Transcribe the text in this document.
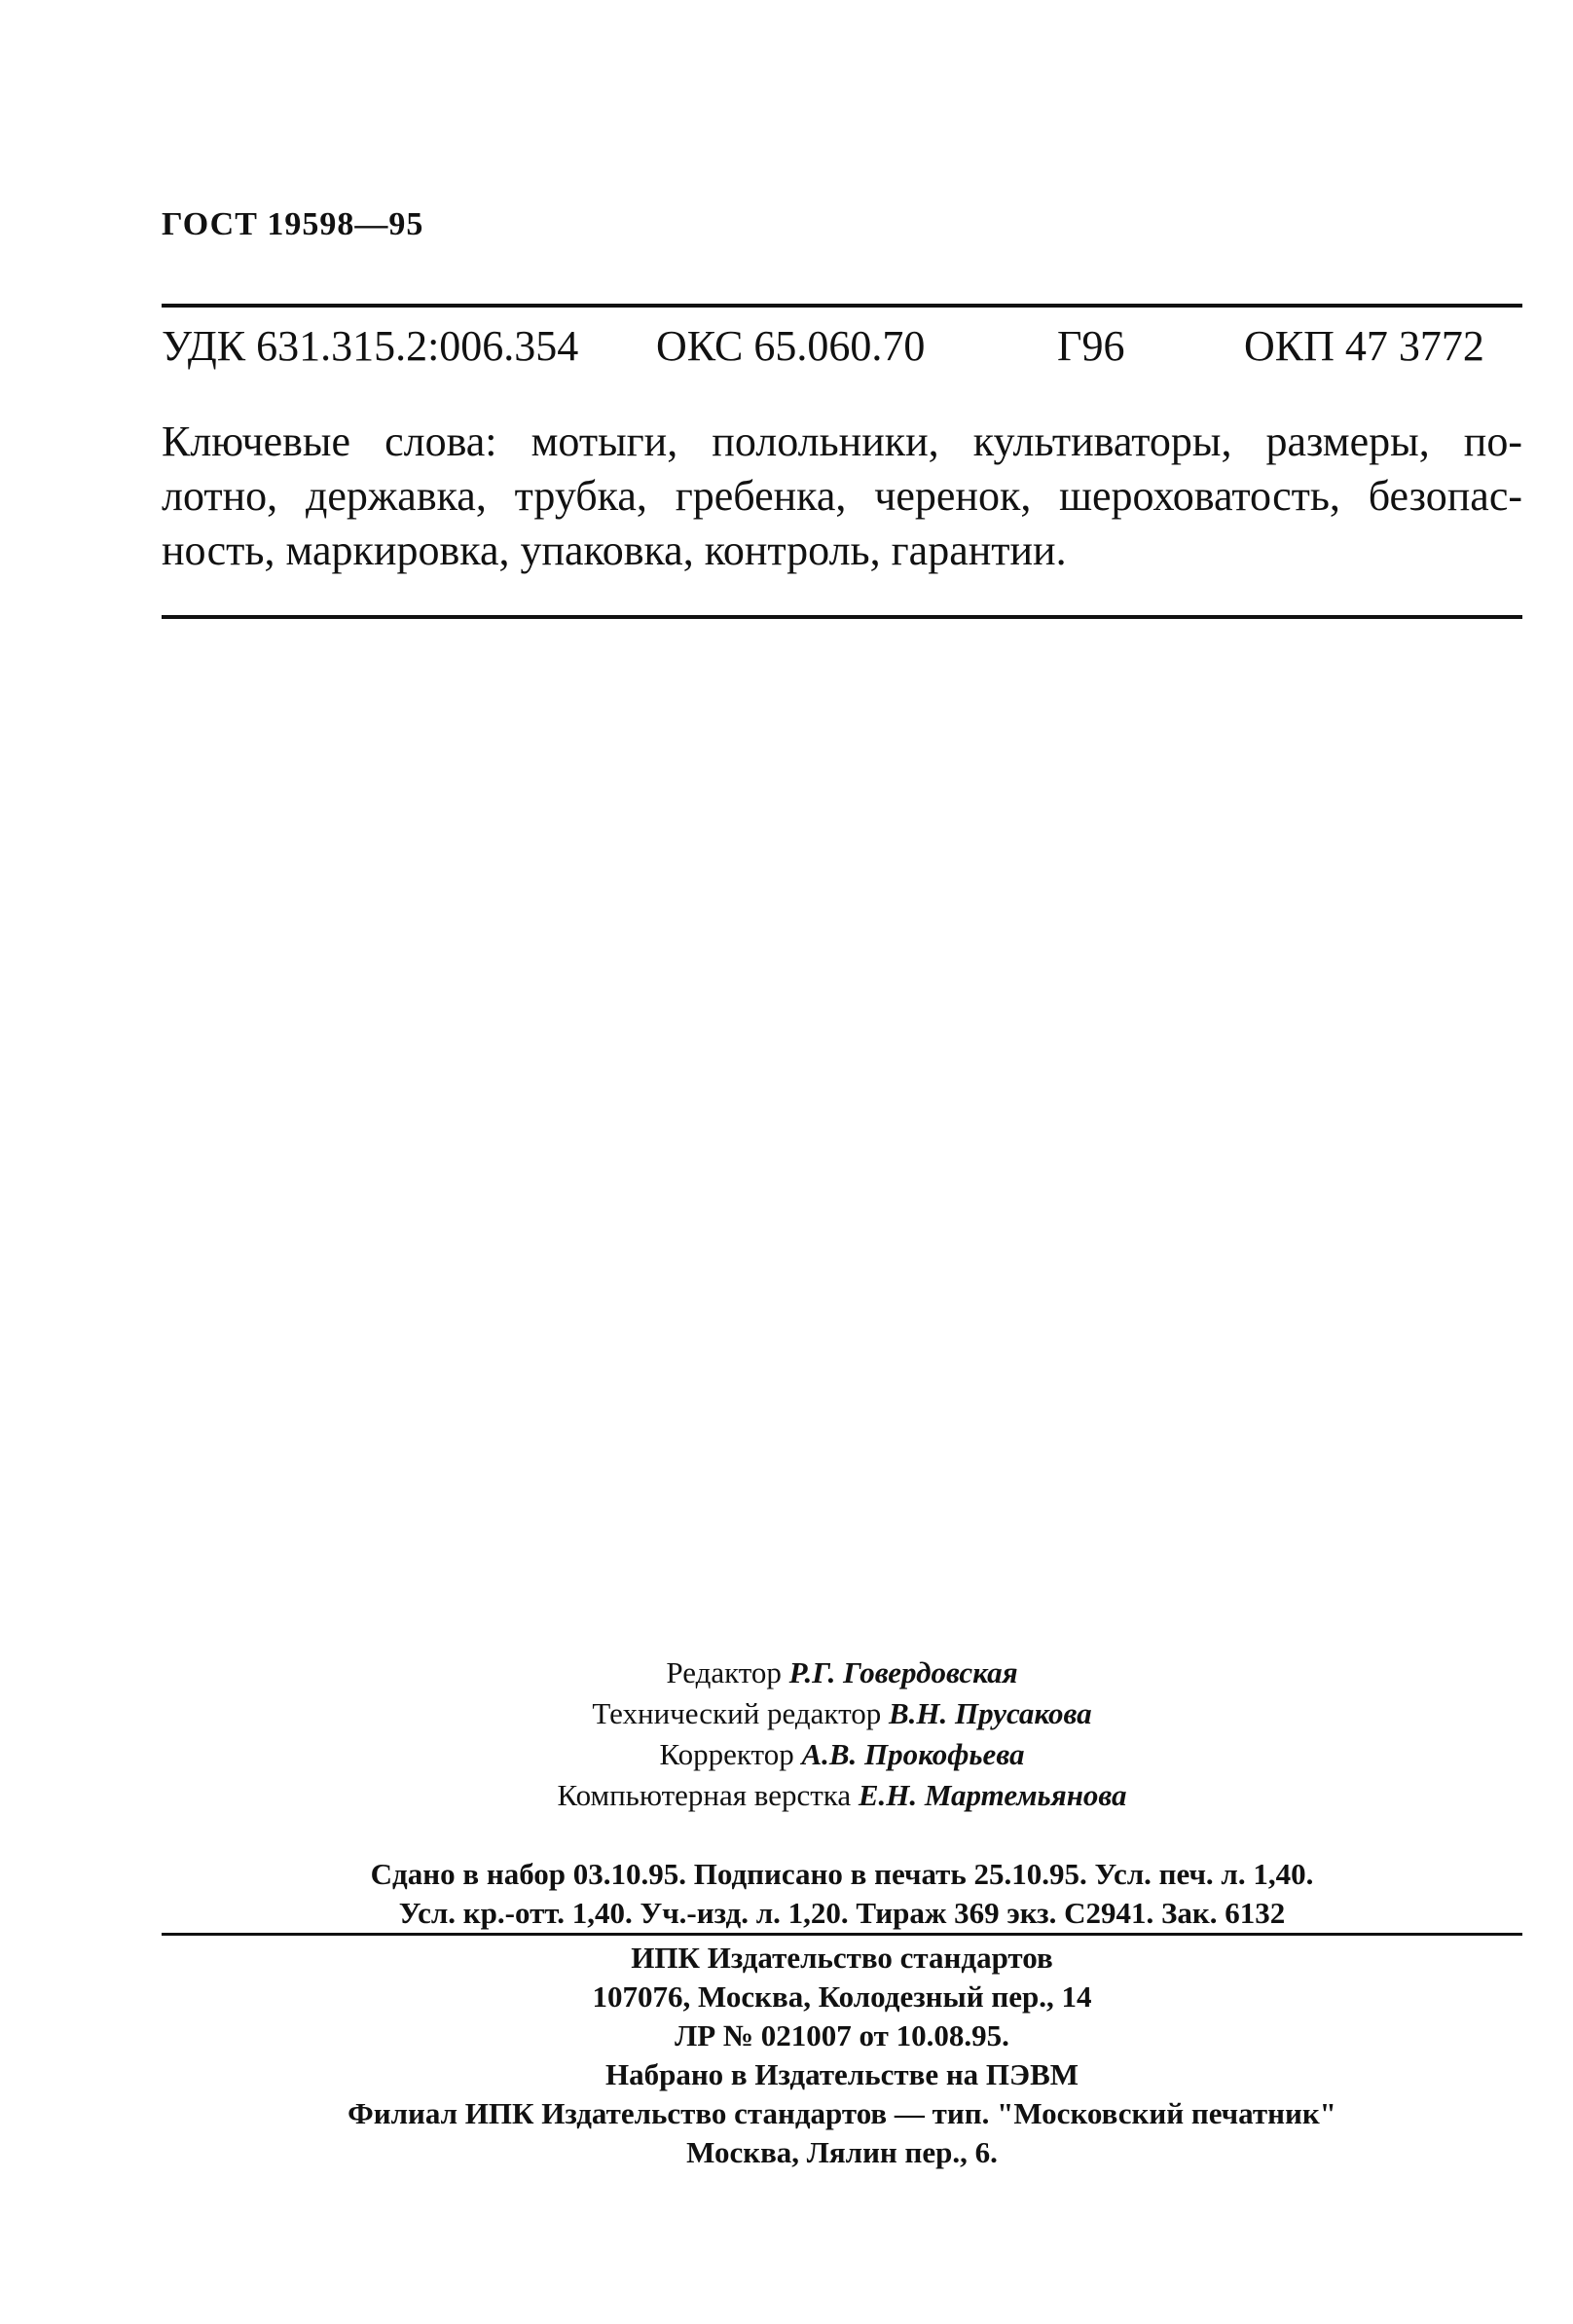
ГОСТ 19598—95
УДК 631.315.2:006.354 ОКС 65.060.70	Г96	ОКП 47 3772
Ключевые слова: мотыги, полольники, культиваторы, размеры, по-
лотно, державка, трубка, гребенка, черенок, шероховатость, безопас-
ность, маркировка, упаковка, контроль, гарантии.
Редактор Р.Г. Говердовская
Технический редактор В.Н. Прусакова
Корректор А.В. Прокофьева
Компьютерная верстка Е.Н. Мартемьянова
Сдано в набор 03.10.95. Подписано в печать 25.10.95. Усл. печ. л. 1,40.
Усл. кр.-отт. 1,40. Уч.-изд. л. 1,20. Тираж 369 экз. С2941. Зак. 6132
ИПК Издательство стандартов
107076, Москва, Колодезный пер., 14
ЛР № 021007 от 10.08.95.
Набрано в Издательстве на ПЭВМ
Филиал ИПК Издательство стандартов — тип. "Московский печатник"
Москва, Лялин пер., 6.
